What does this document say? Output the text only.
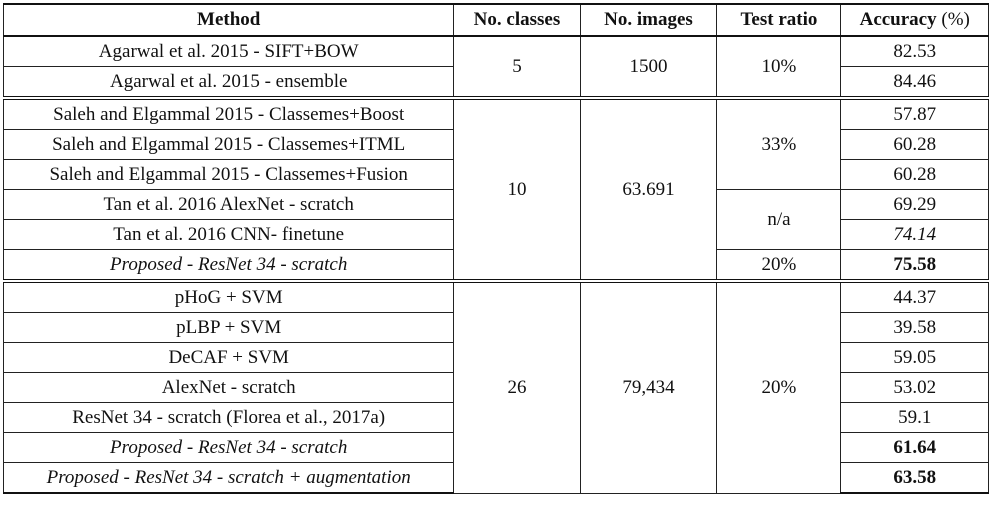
Method	No. classes	No. images	Test ratio	Accuracy (%)
Agarwal et al. 2015 - SIFT+BOW	5	1500	10%	82.53
Agarwal et al. 2015 - ensemble				84.46
Saleh and Elgammal 2015 - Classemes+Boost	10	63.691	33%	57.87
Saleh and Elgammal 2015 - Classemes+ITML				60.28
Saleh and Elgammal 2015 - Classemes+Fusion				60.28
Tan et al. 2016 AlexNet - scratch			n/a	69.29
Tan et al. 2016 CNN- finetune				74.14
Proposed - ResNet 34 - scratch			20%	75.58
pHoG + SVM	26	79,434	20%	44.37
pLBP + SVM				39.58
DeCAF + SVM				59.05
AlexNet - scratch				53.02
ResNet 34 - scratch (Florea et al., 2017a)				59.1
Proposed - ResNet 34 - scratch				61.64
Proposed - ResNet 34 - scratch + augmentation				63.58
